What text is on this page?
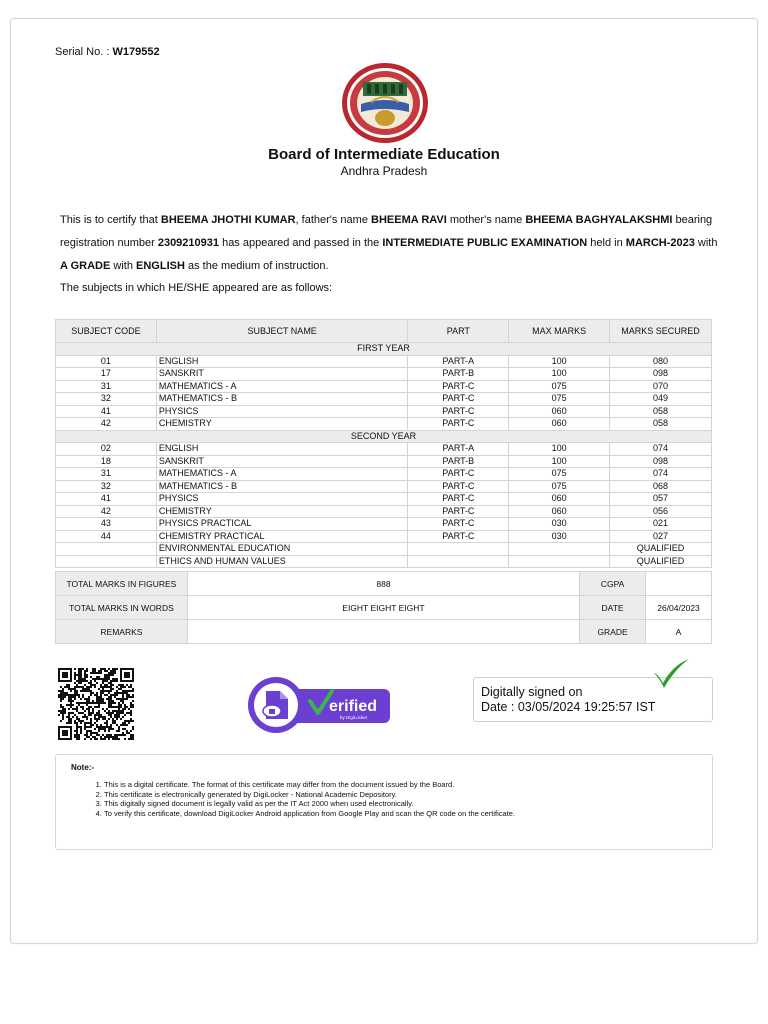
Serial No. : W179552
Board of Intermediate Education
Andhra Pradesh
This is to certify that BHEEMA JHOTHI KUMAR, father's name BHEEMA RAVI mother's name BHEEMA BAGHYALAKSHMI bearing registration number 2309210931 has appeared and passed in the INTERMEDIATE PUBLIC EXAMINATION held in MARCH-2023 with A GRADE with ENGLISH as the medium of instruction.
The subjects in which HE/SHE appeared are as follows:
SUBJECT CODE	SUBJECT NAME	PART	MAX MARKS	MARKS SECURED
FIRST YEAR				
01	ENGLISH	PART-A	100	080
17	SANSKRIT	PART-B	100	098
31	MATHEMATICS - A	PART-C	075	070
32	MATHEMATICS - B	PART-C	075	049
41	PHYSICS	PART-C	060	058
42	CHEMISTRY	PART-C	060	058
SECOND YEAR				
02	ENGLISH	PART-A	100	074
18	SANSKRIT	PART-B	100	098
31	MATHEMATICS - A	PART-C	075	074
32	MATHEMATICS - B	PART-C	075	068
41	PHYSICS	PART-C	060	057
42	CHEMISTRY	PART-C	060	056
43	PHYSICS PRACTICAL	PART-C	030	021
44	CHEMISTRY PRACTICAL	PART-C	030	027
	ENVIRONMENTAL EDUCATION			QUALIFIED
	ETHICS AND HUMAN VALUES			QUALIFIED
TOTAL MARKS IN FIGURES	888	CGPA	
TOTAL MARKS IN WORDS	EIGHT EIGHT EIGHT	DATE	26/04/2023
REMARKS		GRADE	A
erified
by DigiLocker
Digitally signed on
Date : 03/05/2024 19:25:57 IST
Note:-
1. This is a digital certificate. The format of this certificate may differ from the document issued by the Board.
2. This certificate is electronically generated by DigiLocker - National Academic Depository.
3. This digitally signed document is legally valid as per the IT Act 2000 when used electronically.
4. To verify this certificate, download DigiLocker Android application from Google Play and scan the QR code on the certificate.
